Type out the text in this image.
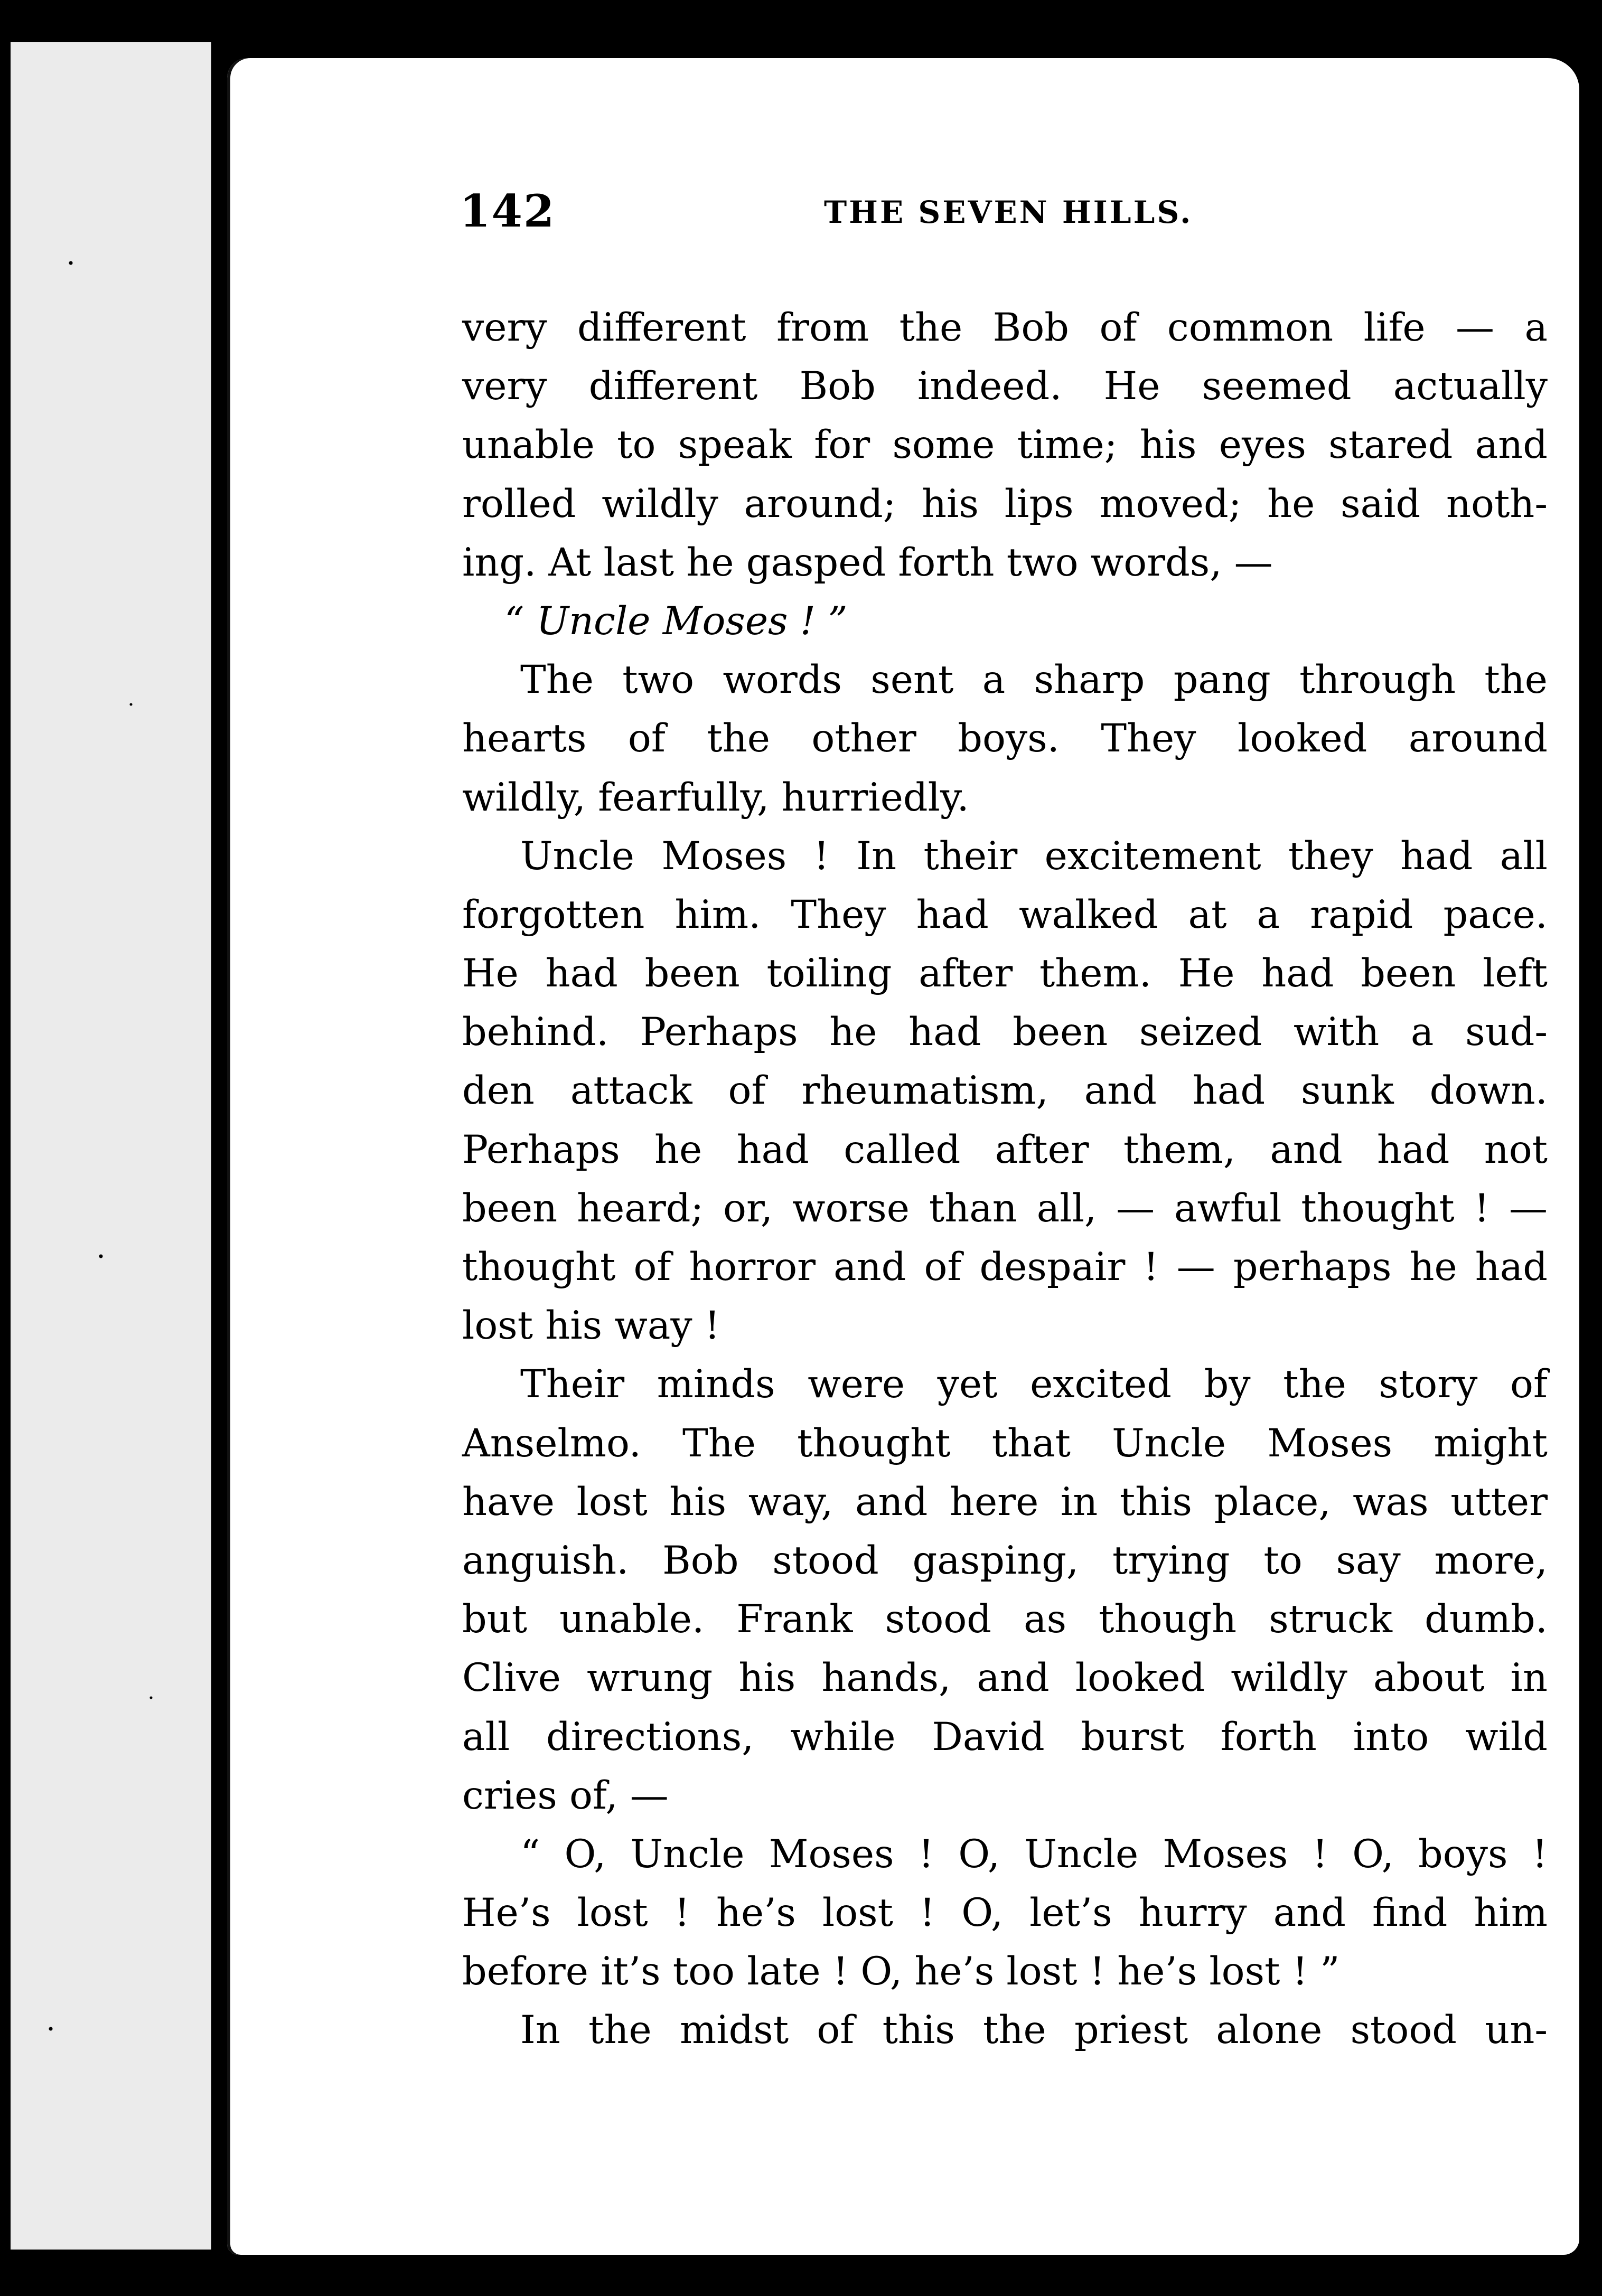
142	THE SEVEN HILLS.
very different from the Bob of common life — a
very different Bob indeed. He seemed actually
unable to speak for some time; his eyes stared and
rolled wildly around; his lips moved; he said noth-
ing. At last he gasped forth two words, —
“ Uncle Moses ! ”
The two words sent a sharp pang through the
hearts of the other boys. They looked around
wildly, fearfully, hurriedly.
Uncle Moses ! In their excitement they had all
forgotten him. They had walked at a rapid pace.
He had been toiling after them. He had been left
behind. Perhaps he had been seized with a sud-
den attack of rheumatism, and had sunk down.
Perhaps he had called after them, and had not
been heard; or, worse than all, — awful thought ! —
thought of horror and of despair ! — perhaps he had
lost his way !
Their minds were yet excited by the story of
Anselmo. The thought that Uncle Moses might
have lost his way, and here in this place, was utter
anguish. Bob stood gasping, trying to say more,
but unable. Frank stood as though struck dumb.
Clive wrung his hands, and looked wildly about in
all directions, while David burst forth into wild
cries of, —
“ O, Uncle Moses ! O, Uncle Moses ! O, boys !
He’s lost ! he’s lost ! O, let’s hurry and find him
before it’s too late ! O, he’s lost ! he’s lost ! ”
In the midst of this the priest alone stood un-
